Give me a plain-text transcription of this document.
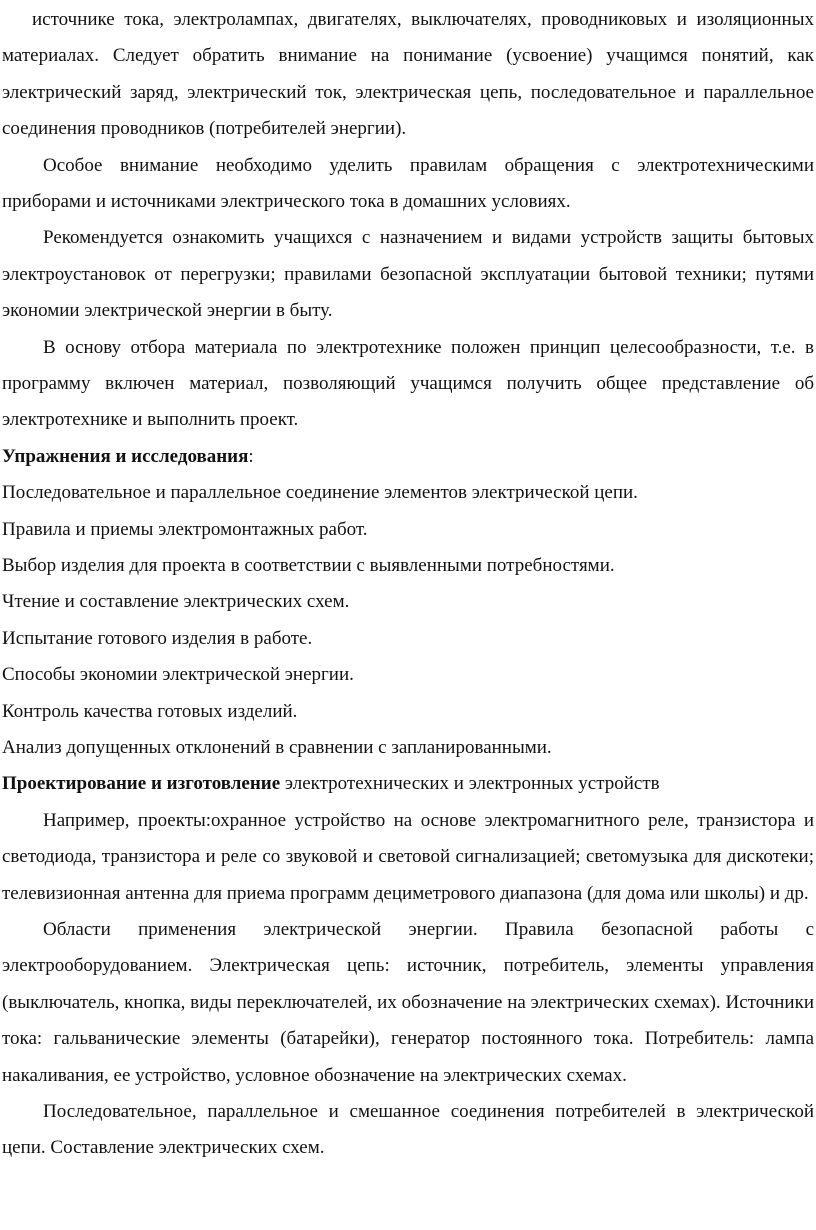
источнике тока, электролампах, двигателях, выключателях, проводниковых и изоляционных материалах. Следует обратить внимание на понимание (усвоение) учащимся понятий, как электрический заряд, электрический ток, электрическая цепь, последовательное и параллельное соединения проводников (потребителей энергии).

Особое внимание необходимо уделить правилам обращения с электротехническими приборами и источниками электрического тока в домашних условиях.

Рекомендуется ознакомить учащихся с назначением и видами устройств защиты бытовых электроустановок от перегрузки; правилами безопасной эксплуатации бытовой техники; путями экономии электрической энергии в быту.

В основу отбора материала по электротехнике положен принцип целесообразности, т.е. в программу включен материал, позволяющий учащимся получить общее представление об электротехнике и выполнить проект.

Упражнения и исследования:

Последовательное и параллельное соединение элементов электрической цепи.

Правила и приемы электромонтажных работ.

Выбор изделия для проекта в соответствии с выявленными потребностями.

Чтение и составление электрических схем.

Испытание готового изделия в работе.

Способы экономии электрической энергии.

Контроль качества готовых изделий.

Анализ допущенных отклонений в сравнении с запланированными.

Проектирование и изготовление электротехнических и электронных устройств

Например, проекты:охранное устройство на основе электромагнитного реле, транзистора и светодиода, транзистора и реле со звуковой и световой сигнализацией; светомузыка для дискотеки; телевизионная антенна для приема программ дециметрового диапазона (для дома или школы) и др.

Области применения электрической энергии. Правила безопасной работы с электрооборудованием. Электрическая цепь: источник, потребитель, элементы управления (выключатель, кнопка, виды переключателей, их обозначение на электрических схемах). Источники тока: гальванические элементы (батарейки), генератор постоянного тока. Потребитель: лампа накаливания, ее устройство, условное обозначение на электрических схемах.

Последовательное, параллельное и смешанное соединения потребителей в электрической цепи. Составление электрических схем.
